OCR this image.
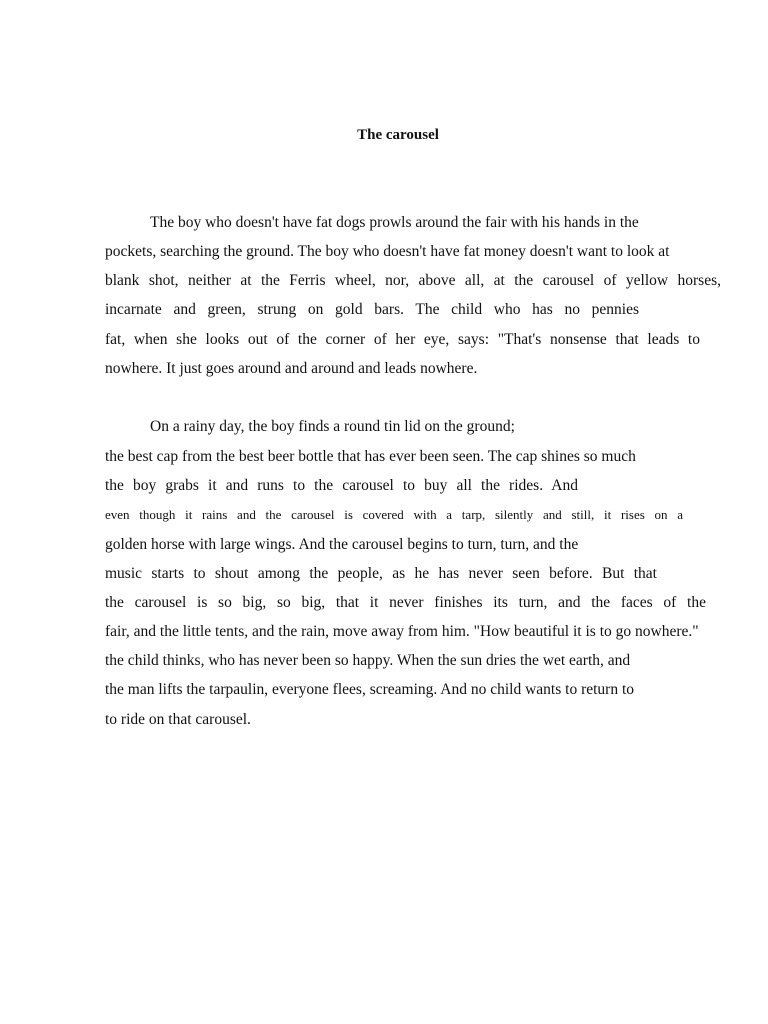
The carousel
The boy who doesn't have fat dogs prowls around the fair with his hands in the
pockets, searching the ground. The boy who doesn't have fat money doesn't want to look at
blank shot, neither at the Ferris wheel, nor, above all, at the carousel of yellow horses,
incarnate and green, strung on gold bars. The child who has no pennies
fat, when she looks out of the corner of her eye, says: "That's nonsense that leads to
nowhere. It just goes around and around and leads nowhere.
On a rainy day, the boy finds a round tin lid on the ground;
the best cap from the best beer bottle that has ever been seen. The cap shines so much
the boy grabs it and runs to the carousel to buy all the rides. And
even though it rains and the carousel is covered with a tarp, silently and still, it rises on a
golden horse with large wings. And the carousel begins to turn, turn, and the
music starts to shout among the people, as he has never seen before. But that
the carousel is so big, so big, that it never finishes its turn, and the faces of the
fair, and the little tents, and the rain, move away from him. "How beautiful it is to go nowhere."
the child thinks, who has never been so happy. When the sun dries the wet earth, and
the man lifts the tarpaulin, everyone flees, screaming. And no child wants to return to
to ride on that carousel.
